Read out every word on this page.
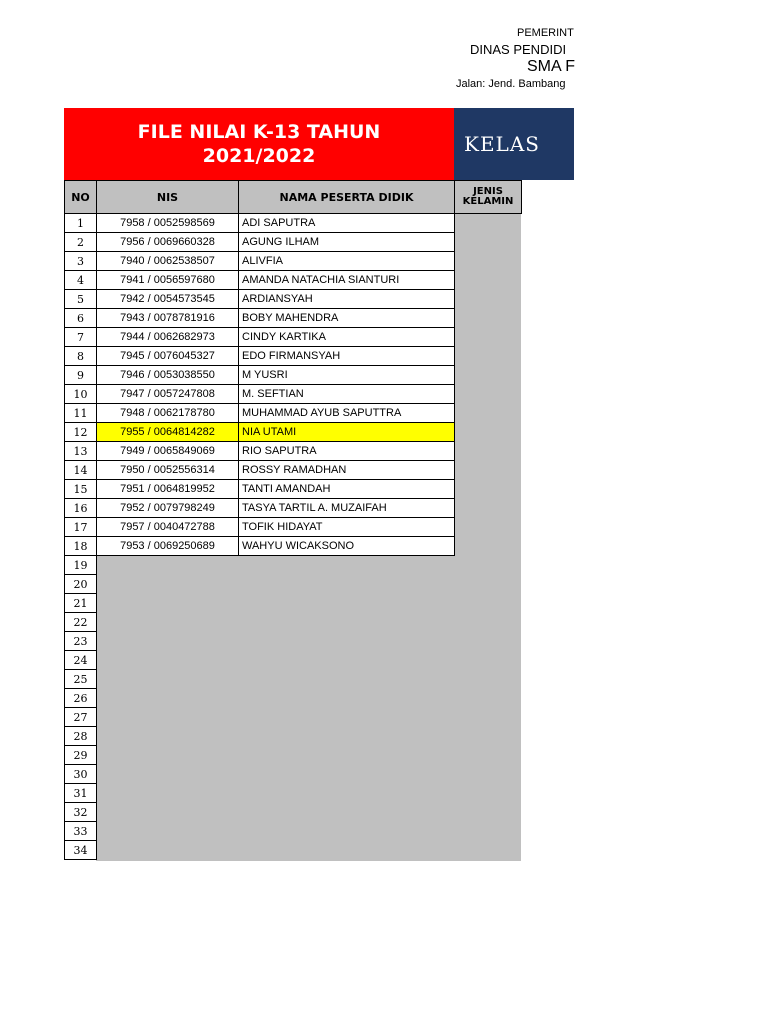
PEMERINT
DINAS PENDIDI
SMA F
Jalan: Jend. Bambang
FILE NILAI K-13 TAHUN
2021/2022	KELAS
NO	NIS	NAMA PESERTA DIDIK	JENIS KELAMIN
1	7958 / 0052598569	ADI SAPUTRA	
2	7956 / 0069660328	AGUNG ILHAM	
3	7940 / 0062538507	ALIVFIA	
4	7941 / 0056597680	AMANDA NATACHIA SIANTURI	
5	7942 / 0054573545	ARDIANSYAH	
6	7943 / 0078781916	BOBY MAHENDRA	
7	7944 / 0062682973	CINDY KARTIKA	
8	7945 / 0076045327	EDO FIRMANSYAH	
9	7946 / 0053038550	M YUSRI	
10	7947 / 0057247808	M. SEFTIAN	
11	7948 / 0062178780	MUHAMMAD AYUB SAPUTTRA	
12	7955 / 0064814282	NIA UTAMI	
13	7949 / 0065849069	RIO SAPUTRA	
14	7950 / 0052556314	ROSSY RAMADHAN	
15	7951 / 0064819952	TANTI AMANDAH	
16	7952 / 0079798249	TASYA TARTIL A. MUZAIFAH	
17	7957 / 0040472788	TOFIK HIDAYAT	
18	7953 / 0069250689	WAHYU WICAKSONO	
19			
20			
21			
22			
23			
24			
25			
26			
27			
28			
29			
30			
31			
32			
33			
34			
